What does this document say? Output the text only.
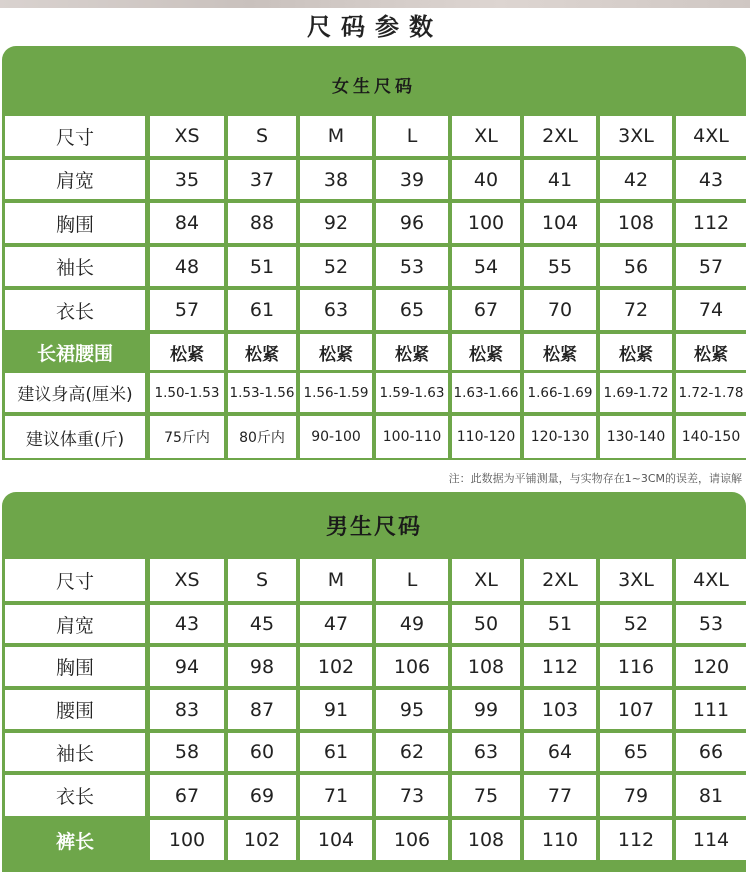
尺码参数
女生尺码
尺寸	XS	S	M	L	XL	2XL	3XL	4XL
肩宽	35	37	38	39	40	41	42	43
胸围	84	88	92	96	100	104	108	112
袖长	48	51	52	53	54	55	56	57
衣长	57	61	63	65	67	70	72	74
长裙腰围	松紧	松紧	松紧	松紧	松紧	松紧	松紧	松紧
建议身高(厘米)	1.50-1.53 1.53-1.56 1.56-1.59 1.59-1.63 1.63-1.66 1.66-1.69 1.69-1.72 1.72-1.78
建议体重(斤)	75斤内	80斤内	90-100	100-110	110-120	120-130	130-140	140-150
注：此数据为平铺测量，与实物存在1~3CM的误差，请谅解
男生尺码
尺寸	XS	S	M	L	XL	2XL	3XL	4XL
肩宽	43	45	47	49	50	51	52	53
胸围	94	98	102	106	108	112	116	120
腰围	83	87	91	95	99	103	107	111
袖长	58	60	61	62	63	64	65	66
衣长	67	69	71	73	75	77	79	81
裤长	100	102	104	106	108	110	112	114
